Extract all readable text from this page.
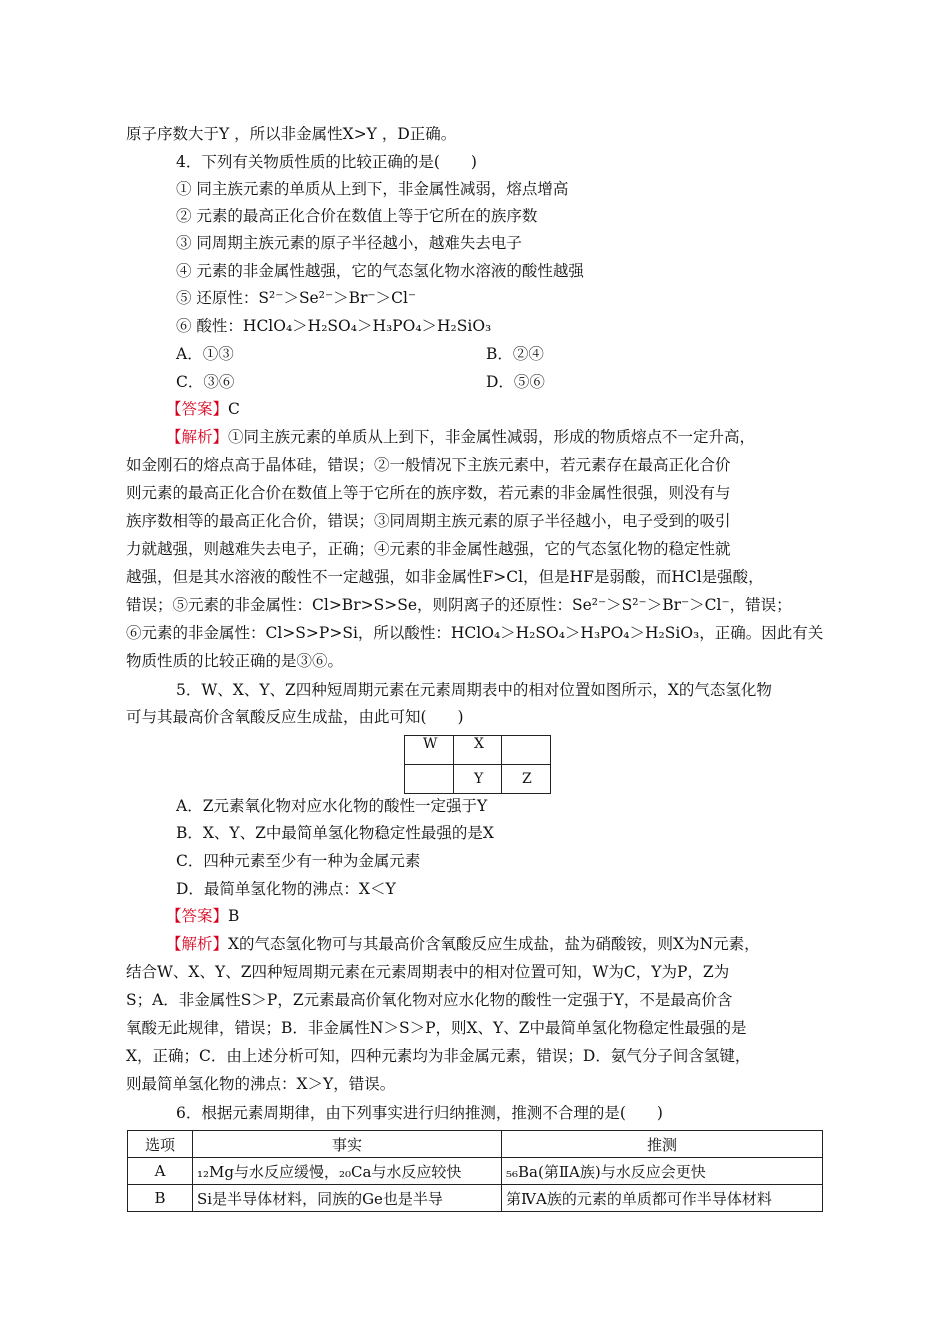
原子序数大于Y ，所以非金属性X>Y ，D正确。
4．下列有关物质性质的比较正确的是(　　)
① 同主族元素的单质从上到下，非金属性减弱，熔点增高
② 元素的最高正化合价在数值上等于它所在的族序数
③ 同周期主族元素的原子半径越小，越难失去电子
④ 元素的非金属性越强，它的气态氢化物水溶液的酸性越强
⑤ 还原性：S²⁻＞Se²⁻＞Br⁻＞Cl⁻
⑥ 酸性：HClO₄＞H₂SO₄＞H₃PO₄＞H₂SiO₃
A．①③	B．②④
C．③⑥	D．⑤⑥
【答案】C
【解析】①同主族元素的单质从上到下，非金属性减弱，形成的物质熔点不一定升高，
如金刚石的熔点高于晶体硅，错误；②一般情况下主族元素中，若元素存在最高正化合价
则元素的最高正化合价在数值上等于它所在的族序数，若元素的非金属性很强，则没有与
族序数相等的最高正化合价，错误；③同周期主族元素的原子半径越小，电子受到的吸引
力就越强，则越难失去电子，正确；④元素的非金属性越强，它的气态氢化物的稳定性就
越强，但是其水溶液的酸性不一定越强，如非金属性F>Cl，但是HF是弱酸，而HCl是强酸，
错误；⑤元素的非金属性：Cl>Br>S>Se，则阴离子的还原性：Se²⁻＞S²⁻＞Br⁻＞Cl⁻，错误；
⑥元素的非金属性：Cl>S>P>Si，所以酸性：HClO₄＞H₂SO₄＞H₃PO₄＞H₂SiO₃，正确。因此有关
物质性质的比较正确的是③⑥。
5．W、X、Y、Z四种短周期元素在元素周期表中的相对位置如图所示，X的气态氢化物
可与其最高价含氧酸反应生成盐，由此可知(　　)
W	X	
	Y	Z
A．Z元素氧化物对应水化物的酸性一定强于Y
B．X、Y、Z中最简单氢化物稳定性最强的是X
C．四种元素至少有一种为金属元素
D．最简单氢化物的沸点：X＜Y
【答案】B
【解析】X的气态氢化物可与其最高价含氧酸反应生成盐，盐为硝酸铵，则X为N元素，
结合W、X、Y、Z四种短周期元素在元素周期表中的相对位置可知，W为C，Y为P，Z为
S；A．非金属性S＞P，Z元素最高价氧化物对应水化物的酸性一定强于Y，不是最高价含
氧酸无此规律，错误；B．非金属性N＞S＞P，则X、Y、Z中最简单氢化物稳定性最强的是
X，正确；C．由上述分析可知，四种元素均为非金属元素，错误；D．氨气分子间含氢键，
则最简单氢化物的沸点：X＞Y，错误。
6．根据元素周期律，由下列事实进行归纳推测，推测不合理的是(　　)
选项	事实	推测
A	₁₂Mg与水反应缓慢，₂₀Ca与水反应较快	₅₆Ba(第ⅡA族)与水反应会更快
B	Si是半导体材料，同族的Ge也是半导	第ⅣA族的元素的单质都可作半导体材料
